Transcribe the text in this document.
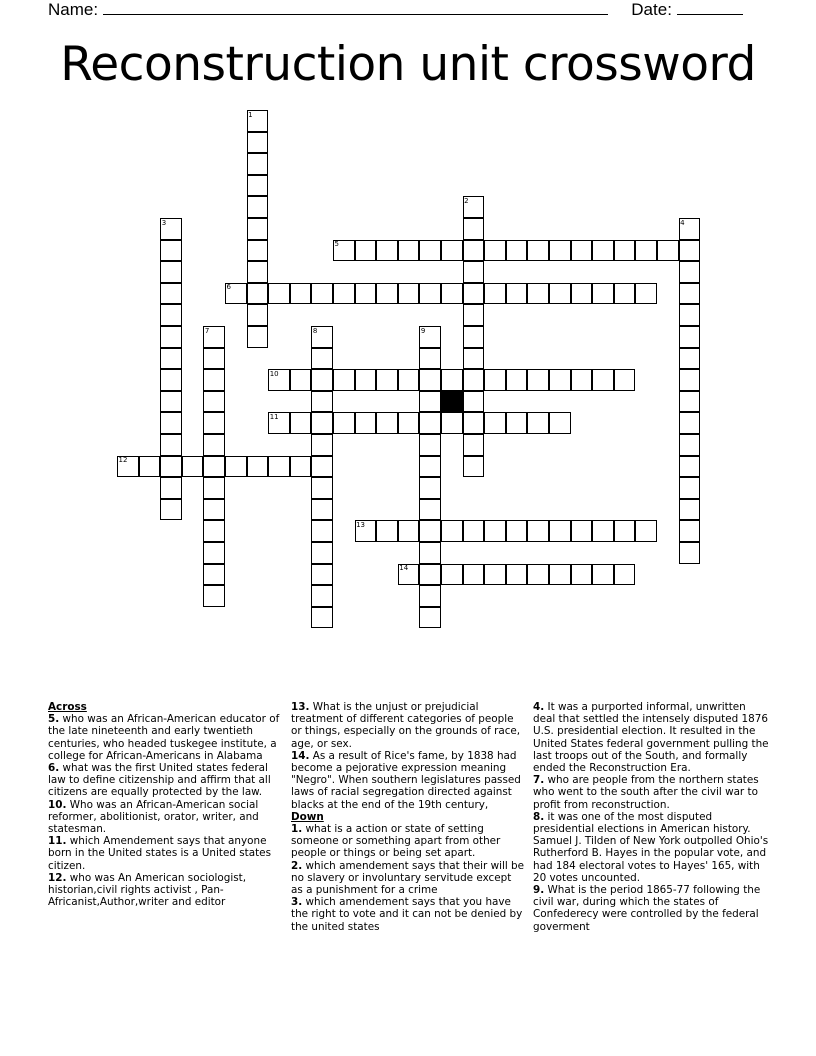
Name:	Date:
Reconstruction unit crossword
1
2
3	4
5
6
7	8	9
10
11
12
13
14
Across
5. who was an African-American educator of the late nineteenth and early twentieth centuries, who headed tuskegee institute, a college for African-Americans in Alabama
6. what was the first United states federal law to define citizenship and affirm that all citizens are equally protected by the law.
10. Who was an African-American social reformer, abolitionist, orator, writer, and statesman.
11. which Amendement says that anyone born in the United states is a United states citizen.
12. who was An American sociologist, historian,civil rights activist , Pan-Africanist,Author,writer and editor
13. What is the unjust or prejudicial treatment of different categories of people or things, especially on the grounds of race, age, or sex.
14. As a result of Rice's fame, by 1838 had become a pejorative expression meaning "Negro". When southern legislatures passed laws of racial segregation directed against blacks at the end of the 19th century,
Down
1. what is a action or state of setting someone or something apart from other people or things or being set apart.
2. which amendement says that their will be no slavery or involuntary servitude except as a punishment for a crime
3. which amendement says that you have the right to vote and it can not be denied by the united states
4. It was a purported informal, unwritten deal that settled the intensely disputed 1876 U.S. presidential election. It resulted in the United States federal government pulling the last troops out of the South, and formally ended the Reconstruction Era.
7. who are people from the northern states who went to the south after the civil war to profit from reconstruction.
8. it was one of the most disputed presidential elections in American history. Samuel J. Tilden of New York outpolled Ohio's Rutherford B. Hayes in the popular vote, and had 184 electoral votes to Hayes' 165, with 20 votes uncounted.
9. What is the period 1865-77 following the civil war, during which the states of Confederecy were controlled by the federal goverment
